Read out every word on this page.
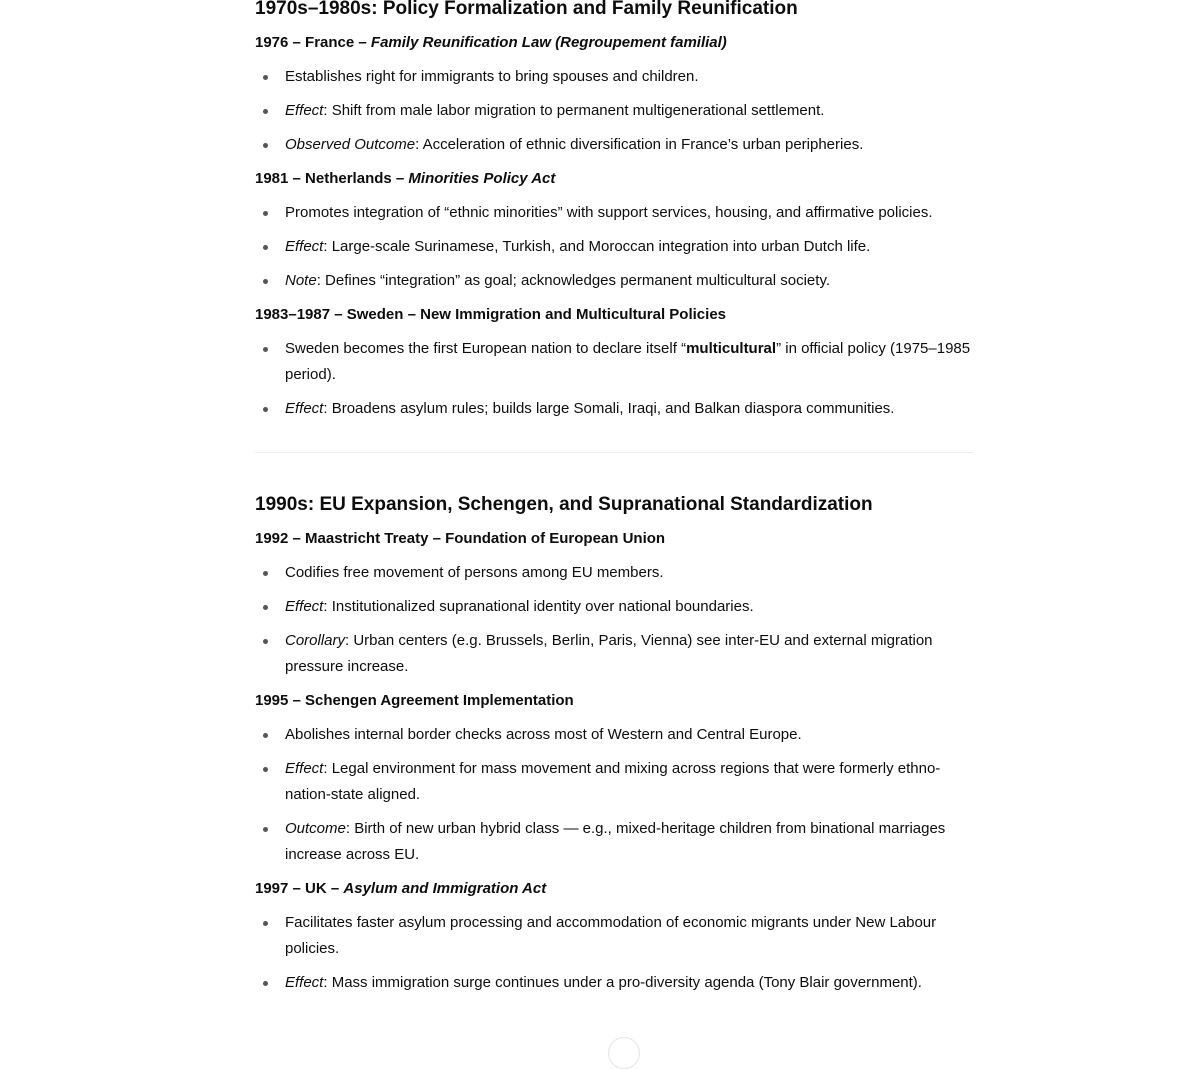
1970s–1980s: Policy Formalization and Family Reunification

1976 – France – Family Reunification Law (Regroupement familial)

Establishes right for immigrants to bring spouses and children.
Effect: Shift from male labor migration to permanent multigenerational settlement.
Observed Outcome: Acceleration of ethnic diversification in France’s urban peripheries.

1981 – Netherlands – Minorities Policy Act

Promotes integration of “ethnic minorities” with support services, housing, and affirmative policies.
Effect: Large-scale Surinamese, Turkish, and Moroccan integration into urban Dutch life.
Note: Defines “integration” as goal; acknowledges permanent multicultural society.

1983–1987 – Sweden – New Immigration and Multicultural Policies

Sweden becomes the first European nation to declare itself “multicultural” in official policy (1975–1985 period).
Effect: Broadens asylum rules; builds large Somali, Iraqi, and Balkan diaspora communities.
1990s: EU Expansion, Schengen, and Supranational Standardization

1992 – Maastricht Treaty – Foundation of European Union

Codifies free movement of persons among EU members.
Effect: Institutionalized supranational identity over national boundaries.
Corollary: Urban centers (e.g. Brussels, Berlin, Paris, Vienna) see inter-EU and external migration pressure increase.

1995 – Schengen Agreement Implementation

Abolishes internal border checks across most of Western and Central Europe.
Effect: Legal environment for mass movement and mixing across regions that were formerly ethno-nation-state aligned.
Outcome: Birth of new urban hybrid class — e.g., mixed-heritage children from binational marriages increase across EU.

1997 – UK – Asylum and Immigration Act

Facilitates faster asylum processing and accommodation of economic migrants under New Labour policies.
Effect: Mass immigration surge continues under a pro-diversity agenda (Tony Blair government).
